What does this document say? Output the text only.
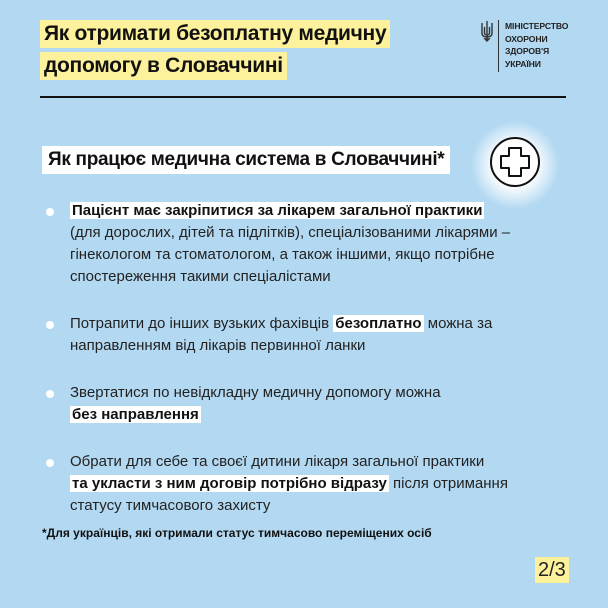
Як отримати безоплатну медичну
допомогу в Словаччині
МІНІСТЕРСТВО
ОХОРОНИ
ЗДОРОВ'Я
УКРАЇНИ
Як працює медична система в Словаччині*
Пацієнт має закріпитися за лікарем загальної практики
(для дорослих, дітей та підлітків), спеціалізованими лікарями – гінекологом та стоматологом, а також іншими, якщо потрібне спостереження такими спеціалістами
Потрапити до інших вузьких фахівців безоплатно можна за направленням від лікарів первинної ланки
Звертатися по невідкладну медичну допомогу можна
без направлення
Обрати для себе та своєї дитини лікаря загальної практики
та укласти з ним договір потрібно відразу після отримання статусу тимчасового захисту
*Для українців, які отримали статус тимчасово переміщених осіб
2/3
